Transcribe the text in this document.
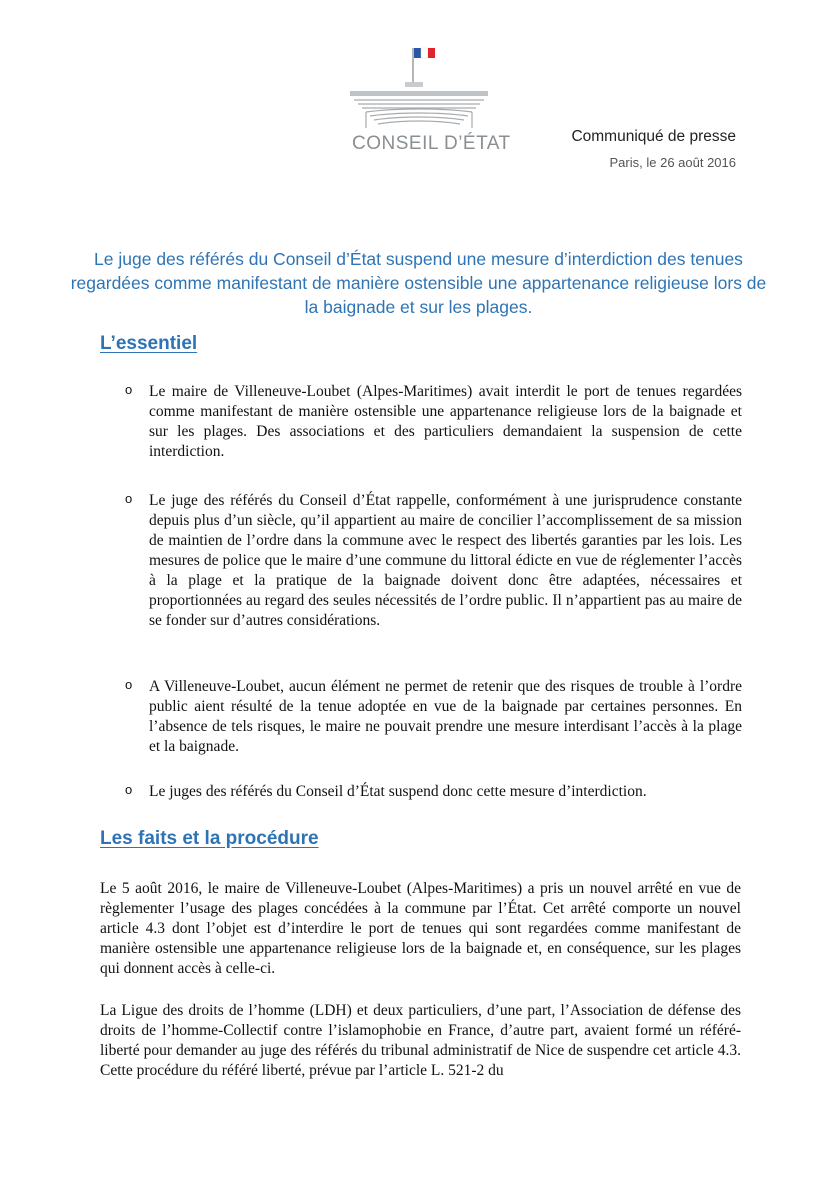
CONSEIL D’ÉTAT	Communiqué de presse
Paris, le 26 août 2016
Le juge des référés du Conseil d’État suspend une mesure d’interdiction des tenues regardées comme manifestant de manière ostensible une appartenance religieuse lors de la baignade et sur les plages.
L’essentiel
o Le maire de Villeneuve-Loubet (Alpes-Maritimes) avait interdit le port de tenues regardées comme manifestant de manière ostensible une appartenance religieuse lors de la baignade et sur les plages. Des associations et des particuliers demandaient la suspension de cette interdiction.
o Le juge des référés du Conseil d’État rappelle, conformément à une jurisprudence constante depuis plus d’un siècle, qu’il appartient au maire de concilier l’accomplissement de sa mission de maintien de l’ordre dans la commune avec le respect des libertés garanties par les lois. Les mesures de police que le maire d’une commune du littoral édicte en vue de réglementer l’accès à la plage et la pratique de la baignade doivent donc être adaptées, nécessaires et proportionnées au regard des seules nécessités de l’ordre public. Il n’appartient pas au maire de se fonder sur d’autres considérations.
o A Villeneuve-Loubet, aucun élément ne permet de retenir que des risques de trouble à l’ordre public aient résulté de la tenue adoptée en vue de la baignade par certaines personnes. En l’absence de tels risques, le maire ne pouvait prendre une mesure interdisant l’accès à la plage et la baignade.
o Le juges des référés du Conseil d’État suspend donc cette mesure d’interdiction.
Les faits et la procédure
Le 5 août 2016, le maire de Villeneuve-Loubet (Alpes-Maritimes) a pris un nouvel arrêté en vue de règlementer l’usage des plages concédées à la commune par l’État. Cet arrêté comporte un nouvel article 4.3 dont l’objet est d’interdire le port de tenues qui sont regardées comme manifestant de manière ostensible une appartenance religieuse lors de la baignade et, en conséquence, sur les plages qui donnent accès à celle-ci.
La Ligue des droits de l’homme (LDH) et deux particuliers, d’une part, l’Association de défense des droits de l’homme-Collectif contre l’islamophobie en France, d’autre part, avaient formé un référé-liberté pour demander au juge des référés du tribunal administratif de Nice de suspendre cet article 4.3. Cette procédure du référé liberté, prévue par l’article L. 521-2 du
